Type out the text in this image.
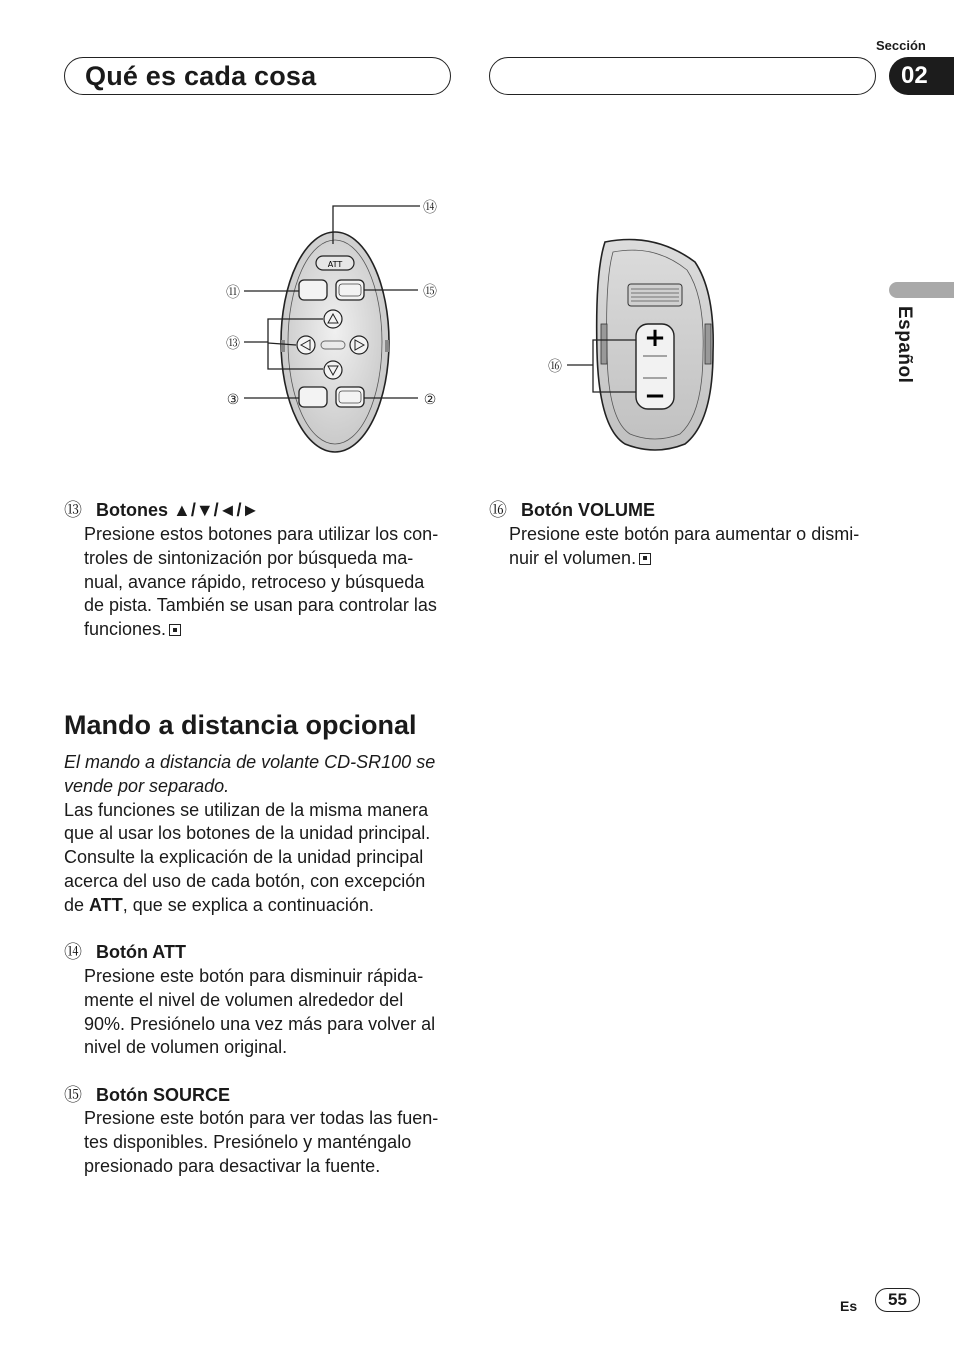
Qué es cada cosa
Sección
02
Español
ATT
⑭
⑪	⑮
⑬
③	②
+
−
⑯
⑬ Botones ▲/▼/◄/►
Presione estos botones para utilizar los con-
troles de sintonización por búsqueda ma-
nual, avance rápido, retroceso y búsqueda
de pista. También se usan para controlar las
funciones.
⑯ Botón VOLUME
Presione este botón para aumentar o dismi-
nuir el volumen.
Mando a distancia opcional
El mando a distancia de volante CD-SR100 se
vende por separado.
Las funciones se utilizan de la misma manera
que al usar los botones de la unidad principal.
Consulte la explicación de la unidad principal
acerca del uso de cada botón, con excepción
de ATT, que se explica a continuación.
⑭ Botón ATT
Presione este botón para disminuir rápida-
mente el nivel de volumen alrededor del
90%. Presiónelo una vez más para volver al
nivel de volumen original.
⑮ Botón SOURCE
Presione este botón para ver todas las fuen-
tes disponibles. Presiónelo y manténgalo
presionado para desactivar la fuente.
Es	55
